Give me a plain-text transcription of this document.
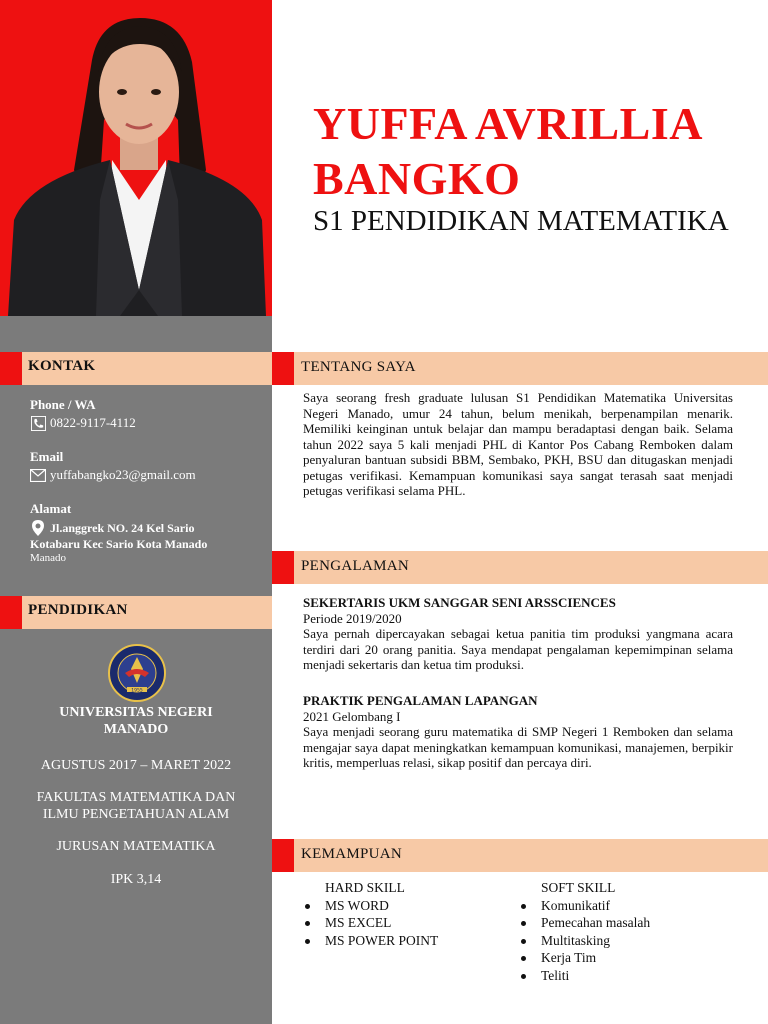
KONTAK
Phone / WA
0822-9117-4112
Email
yuffabangko23@gmail.com
Alamat
Jl.anggrek NO. 24 Kel Sario
Kotabaru Kec Sario Kota Manado
Manado
PENDIDIKAN
1955
UNIVERSITAS NEGERI
MANADO
AGUSTUS 2017 – MARET 2022
FAKULTAS MATEMATIKA DAN
ILMU PENGETAHUAN ALAM
JURUSAN MATEMATIKA
IPK 3,14
YUFFA AVRILLIA
BANGKO
S1 PENDIDIKAN MATEMATIKA
TENTANG SAYA
Saya seorang fresh graduate lulusan S1 Pendidikan Matematika Universitas Negeri Manado, umur 24 tahun, belum menikah, berpenampilan menarik. Memiliki keinginan untuk belajar dan mampu beradaptasi dengan baik. Selama tahun 2022 saya 5 kali menjadi PHL di Kantor Pos Cabang Remboken dalam penyaluran bantuan subsidi BBM, Sembako, PKH, BSU dan ditugaskan menjadi petugas verifikasi. Kemampuan komunikasi saya sangat terasah saat menjadi petugas verifikasi selama PHL.
PENGALAMAN
SEKERTARIS UKM SANGGAR SENI ARSSCIENCES
Periode 2019/2020
Saya pernah dipercayakan sebagai ketua panitia tim produksi yangmana acara terdiri dari 20 orang panitia. Saya mendapat pengalaman kepemimpinan selama menjadi sekertaris dan ketua tim produksi.
PRAKTIK PENGALAMAN LAPANGAN
2021 Gelombang I
Saya menjadi seorang guru matematika di SMP Negeri 1 Remboken dan selama mengajar saya dapat meningkatkan kemampuan komunikasi, manajemen, berpikir kritis, memperluas relasi, sikap positif dan percaya diri.
KEMAMPUAN
HARD SKILL
MS WORD
MS EXCEL
MS POWER POINT
SOFT SKILL
Komunikatif
Pemecahan masalah
Multitasking
Kerja Tim
Teliti
